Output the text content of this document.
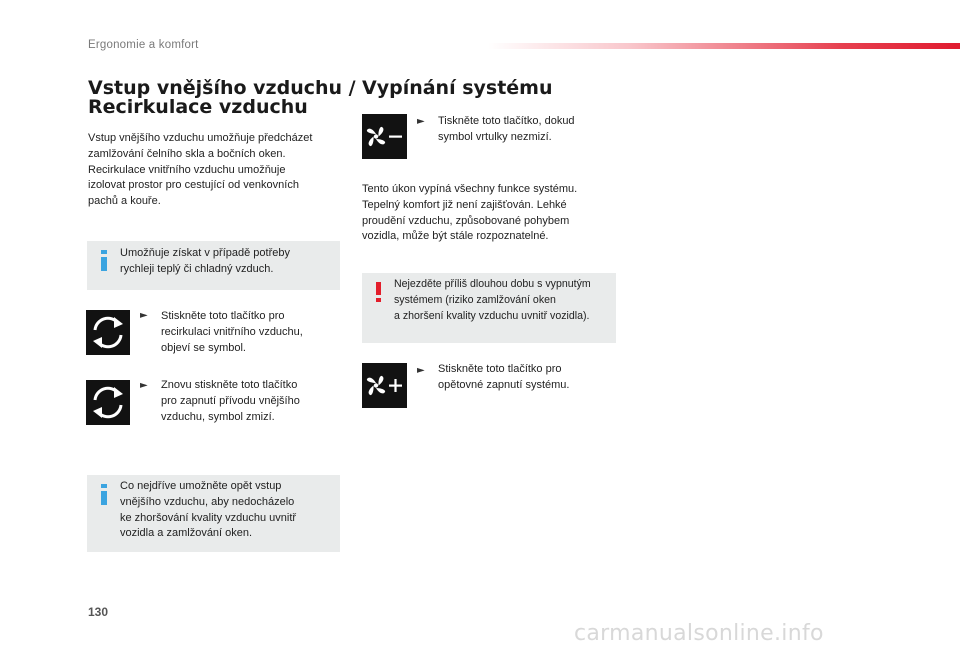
Ergonomie a komfort
Vstup vnějšího vzduchu /
Recirkulace vzduchu
Vstup vnějšího vzduchu umožňuje předcházet
zamlžování čelního skla a bočních oken.
Recirkulace vnitřního vzduchu umožňuje
izolovat prostor pro cestující od venkovních
pachů a kouře.
Umožňuje získat v případě potřeby
rychleji teplý či chladný vzduch.
► Stiskněte toto tlačítko pro
recirkulaci vnitřního vzduchu,
objeví se symbol.
► Znovu stiskněte toto tlačítko
pro zapnutí přívodu vnějšího
vzduchu, symbol zmizí.
Co nejdříve umožněte opět vstup
vnějšího vzduchu, aby nedocházelo
ke zhoršování kvality vzduchu uvnitř
vozidla a zamlžování oken.
Vypínání systému
► Tiskněte toto tlačítko, dokud
symbol vrtulky nezmizí.
Tento úkon vypíná všechny funkce systému.
Tepelný komfort již není zajišťován. Lehké
proudění vzduchu, způsobované pohybem
vozidla, může být stále rozpoznatelné.
Nejezděte příliš dlouhou dobu s vypnutým
systémem (riziko zamlžování oken
a zhoršení kvality vzduchu uvnitř vozidla).
► Stiskněte toto tlačítko pro
opětovné zapnutí systému.
130
carmanualsonline.info
